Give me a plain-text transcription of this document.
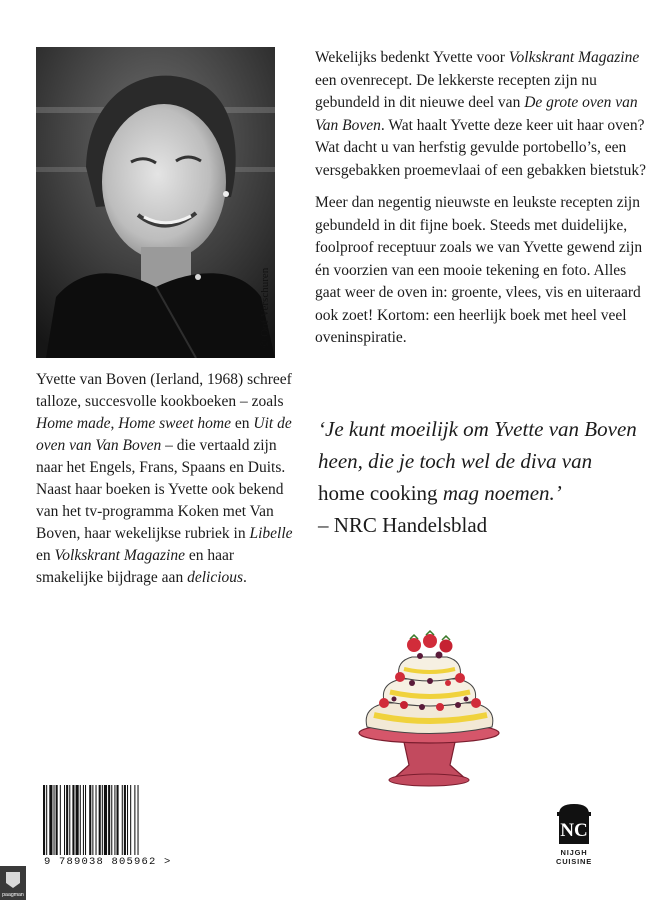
Yvette van Boven (Ierland, 1968) schreef talloze, succesvolle kookboeken – zoals Home made, Home sweet home en Uit de oven van Van Boven – die vertaald zijn naar het Engels, Frans, Spaans en Duits. Naast haar boeken is Yvette ook bekend van het tv-programma Koken met Van Boven, haar wekelijkse rubriek in Libelle en Volkskrant Magazine en haar smakelijke bijdrage aan delicious.

Wekelijks bedenkt Yvette voor Volkskrant Magazine een ovenrecept. De lekkerste recepten zijn nu gebundeld in dit nieuwe deel van De grote oven van Van Boven. Wat haalt Yvette deze keer uit haar oven? Wat dacht u van herfstig gevulde portobello’s, een versgebakken proemevlaai of een gebakken bietstuk?

Meer dan negentig nieuwste en leukste recepten zijn gebundeld in dit fijne boek. Steeds met duidelijke, foolproof receptuur zoals we van Yvette gewend zijn én voorzien van een mooie tekening en foto. Alles gaat weer de oven in: groente, vlees, vis en uiteraard ook zoet! Kortom: een heerlijk boek met heel veel oveninspiratie.

‘Je kunt moeilijk om Yvette van Boven heen, die je toch wel de diva van
home cooking mag noemen.’
– NRC Handelsblad

9 789038 805962 >
paagman
NC
NIJGH
CUISINE
